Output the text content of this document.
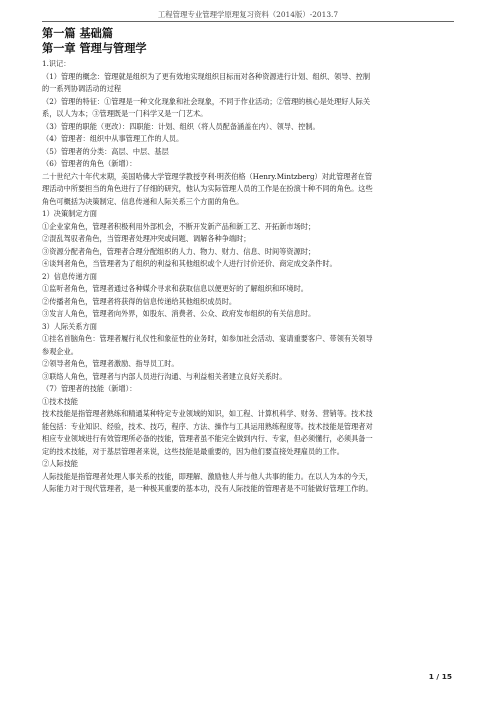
工程管理专业管理学原理复习资料（2014版）-2013.7
第一篇 基础篇
第一章 管理与管理学
1.识记：
（1）管理的概念：管理就是组织为了更有效地实现组织目标而对各种资源进行计划、组织、领导、控制
的一系列协调活动的过程
（2）管理的特征：①管理是一种文化现象和社会现象，不同于作业活动；②管理的核心是处理好人际关
系，以人为本；③管理既是一门科学又是一门艺术。
（3）管理的职能（更改）：四职能：计划、组织（将人员配备涵盖在内）、领导、控制。
（4）管理者：组织中从事管理工作的人员。
（5）管理者的分类：高层、中层、基层
（6）管理者的角色（新增）：
二十世纪六十年代末期，美国哈佛大学管理学教授亨利·明茨伯格（Henry.Mintzberg）对此管理者在管
理活动中所要担当的角色进行了仔细的研究，他认为实际管理人员的工作是在扮演十种不同的角色。这些
角色可概括为决策制定、信息传递和人际关系三个方面的角色。
1）决策制定方面
①企业家角色，管理者积极利用外部机会，不断开发新产品和新工艺、开拓新市场时；
②混乱驾驭者角色，当管理者处理冲突或问题、调解各种争端时；
③资源分配者角色，管理者合理分配组织的人力、物力、财力、信息、时间等资源时；
④谈判者角色，当管理者为了组织的利益和其他组织或个人进行讨价还价、商定成交条件时。
2）信息传递方面
①监听者角色，管理者通过各种媒介寻求和获取信息以便更好的了解组织和环境时。
②传播者角色，管理者将获得的信息传递给其他组织成员时。
③发言人角色，管理者向外界，如股东、消费者、公众、政府发布组织的有关信息时。
3）人际关系方面
①挂名首脑角色：管理者履行礼仪性和象征性的业务时，如参加社会活动、宴请重要客户、带领有关领导
参观企业。
②领导者角色，管理者激励、指导员工时。
③联络人角色，管理者与内部人员进行沟通、与利益相关者建立良好关系时。
（7）管理者的技能（新增）：
①技术技能
技术技能是指管理者熟练和精通某种特定专业领域的知识，如工程、计算机科学、财务、营销等。技术技
能包括：专业知识、经验，技术、技巧，程序、方法、操作与工具运用熟练程度等。技术技能是管理者对
相应专业领域进行有效管理所必备的技能，管理者虽不能完全做到内行、专家，但必须懂行，必须具备一
定的技术技能，对于基层管理者来说，这些技能是最重要的，因为他们要直接处理雇员的工作。
②人际技能
人际技能是指管理者处理人事关系的技能，即理解、激励他人并与他人共事的能力。在以人为本的今天，
人际能力对于现代管理者，是一种极其重要的基本功，没有人际技能的管理者是不可能做好管理工作的。
1 / 15
